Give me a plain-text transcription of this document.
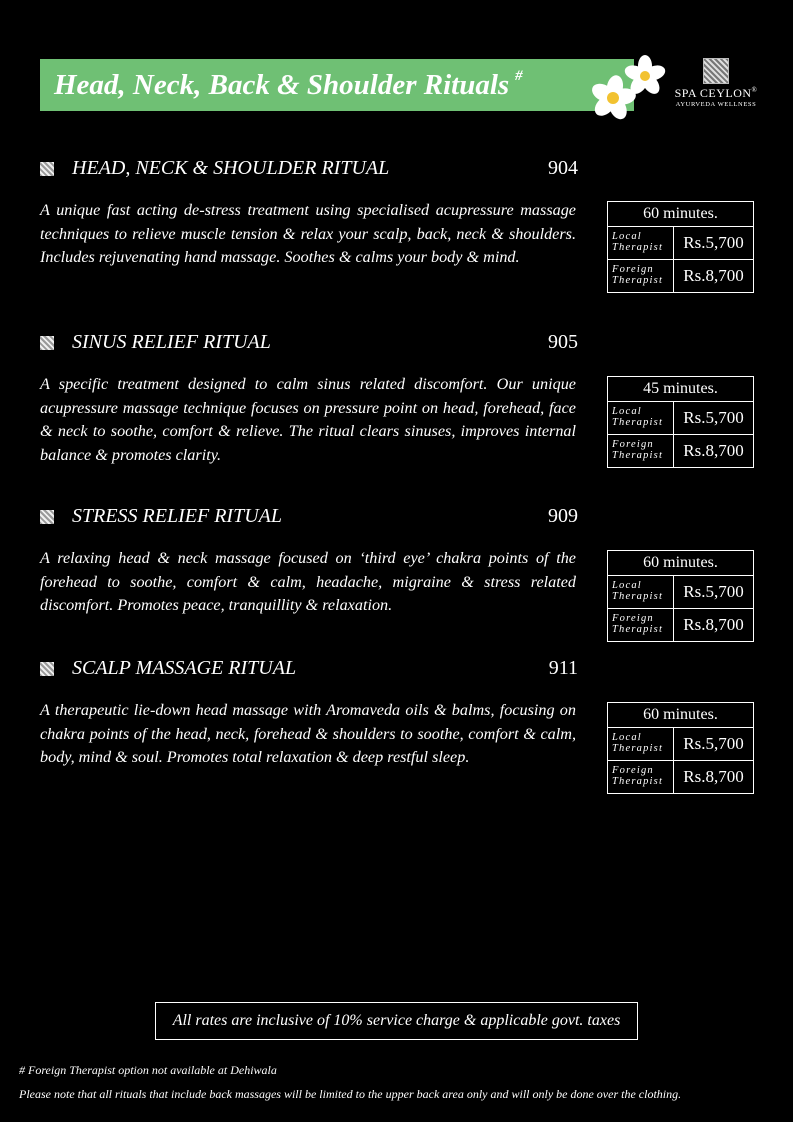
Head, Neck, Back & Shoulder Rituals #
SPA CEYLON®
AYURVEDA WELLNESS
HEAD, NECK & SHOULDER RITUAL	904

A unique fast acting de-stress treatment using specialised acupressure massage techniques to relieve muscle tension & relax your scalp, back, neck & shoulders. Includes rejuvenating hand massage. Soothes & calms your body & mind.

60 minutes.
Local
Therapist	Rs.5,700
Foreign
Therapist	Rs.8,700
SINUS RELIEF RITUAL	905

A specific treatment designed to calm sinus related discomfort. Our unique acupressure massage technique focuses on pressure point on head, forehead, face & neck to soothe, comfort & relieve. The ritual clears sinuses, improves internal balance & promotes clarity.

45 minutes.
Local
Therapist	Rs.5,700
Foreign
Therapist	Rs.8,700
STRESS RELIEF RITUAL	909

A relaxing head & neck massage focused on ‘third eye’ chakra points of the forehead to soothe, comfort & calm, headache, migraine & stress related discomfort. Promotes peace, tranquillity & relaxation.

60 minutes.
Local
Therapist	Rs.5,700
Foreign
Therapist	Rs.8,700
SCALP MASSAGE RITUAL	911

A therapeutic lie-down head massage with Aromaveda oils & balms, focusing on chakra points of the head, neck, forehead & shoulders to soothe, comfort & calm, body, mind & soul. Promotes total relaxation & deep restful sleep.

60 minutes.
Local
Therapist	Rs.5,700
Foreign
Therapist	Rs.8,700
All rates are inclusive of 10% service charge & applicable govt. taxes
# Foreign Therapist option not available at Dehiwala
Please note that all rituals that include back massages will be limited to the upper back area only and will only be done over the clothing.
